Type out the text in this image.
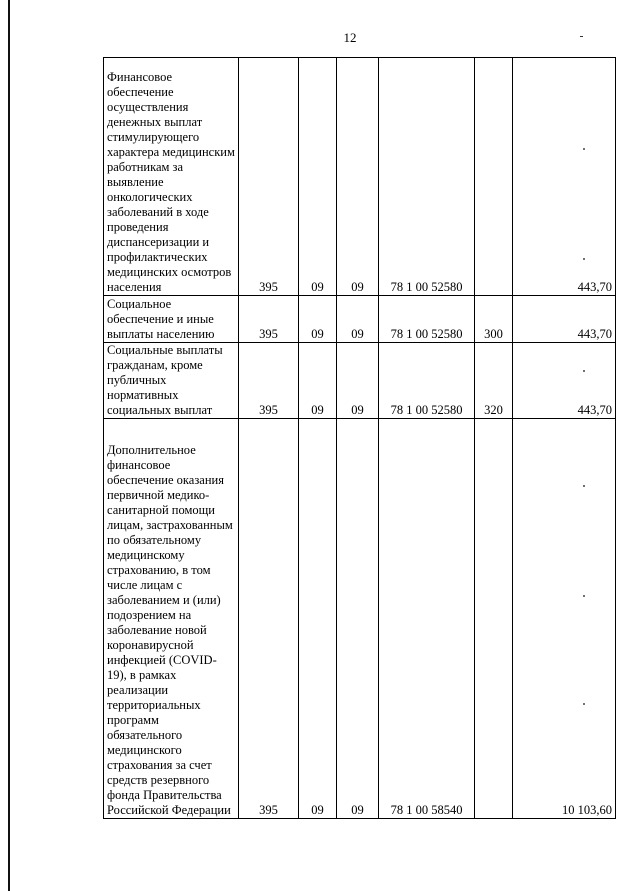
12
Финансовое обеспечение осуществления денежных выплат стимулирующего характера медицинским работникам за выявление онкологических заболеваний в ходе проведения диспансеризации и профилактических медицинских осмотров населения	395	09	09	78 1 00 52580		443,70

Социальное обеспечение и иные выплаты населению	395	09	09	78 1 00 52580	300	443,70

Социальные выплаты гражданам, кроме публичных нормативных социальных выплат	395	09	09	78 1 00 52580	320	443,70

Дополнительное финансовое обеспечение оказания первичной медико-санитарной помощи лицам, застрахованным по обязательному медицинскому страхованию, в том числе лицам с заболеванием и (или) подозрением на заболевание новой коронавирусной инфекцией (COVID-19), в рамках реализации территориальных программ обязательного медицинского страхования за счет средств резервного фонда Правительства Российской Федерации	395	09	09	78 1 00 58540		10 103,60
